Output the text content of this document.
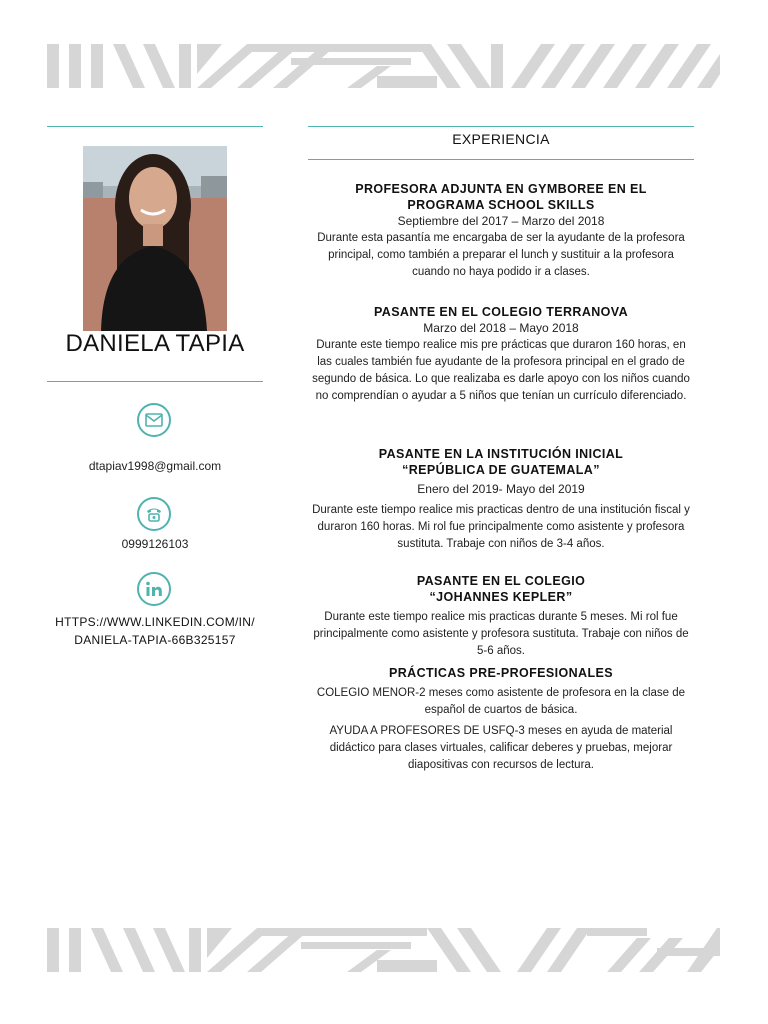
DANIELA TAPIA
dtapiav1998@gmail.com
0999126103
HTTPS://WWW.LINKEDIN.COM/IN/
DANIELA-TAPIA-66B325157
EXPERIENCIA
PROFESORA ADJUNTA EN GYMBOREE EN EL
PROGRAMA SCHOOL SKILLS
Septiembre del 2017 – Marzo del 2018
Durante esta pasantía me encargaba de ser la ayudante de la profesora principal, como también a preparar el lunch y sustituir a la profesora cuando no haya podido ir a clases.
PASANTE EN EL COLEGIO TERRANOVA
Marzo del 2018 – Mayo 2018
Durante este tiempo realice mis pre prácticas que duraron 160 horas, en las cuales también fue ayudante de la profesora principal en el grado de segundo de básica. Lo que realizaba es darle apoyo con los niños cuando no comprendían o ayudar a 5 niños que tenían un currículo diferenciado.
PASANTE EN LA INSTITUCIÓN INICIAL
“REPÚBLICA DE GUATEMALA”
Enero del 2019- Mayo del 2019
Durante este tiempo realice mis practicas dentro de una institución fiscal y duraron 160 horas. Mi rol fue principalmente como asistente y profesora sustituta. Trabaje con niños de 3-4 años.
PASANTE EN EL COLEGIO
“JOHANNES KEPLER”
Durante este tiempo realice mis practicas durante 5 meses. Mi rol fue principalmente como asistente y profesora sustituta. Trabaje con niños de 5-6 años.
PRÁCTICAS PRE-PROFESIONALES
COLEGIO MENOR-2 meses como asistente de profesora en la clase de español de cuartos de básica.
AYUDA A PROFESORES DE USFQ-3 meses en ayuda de material didáctico para clases virtuales, calificar deberes y pruebas, mejorar diapositivas con recursos de lectura.
